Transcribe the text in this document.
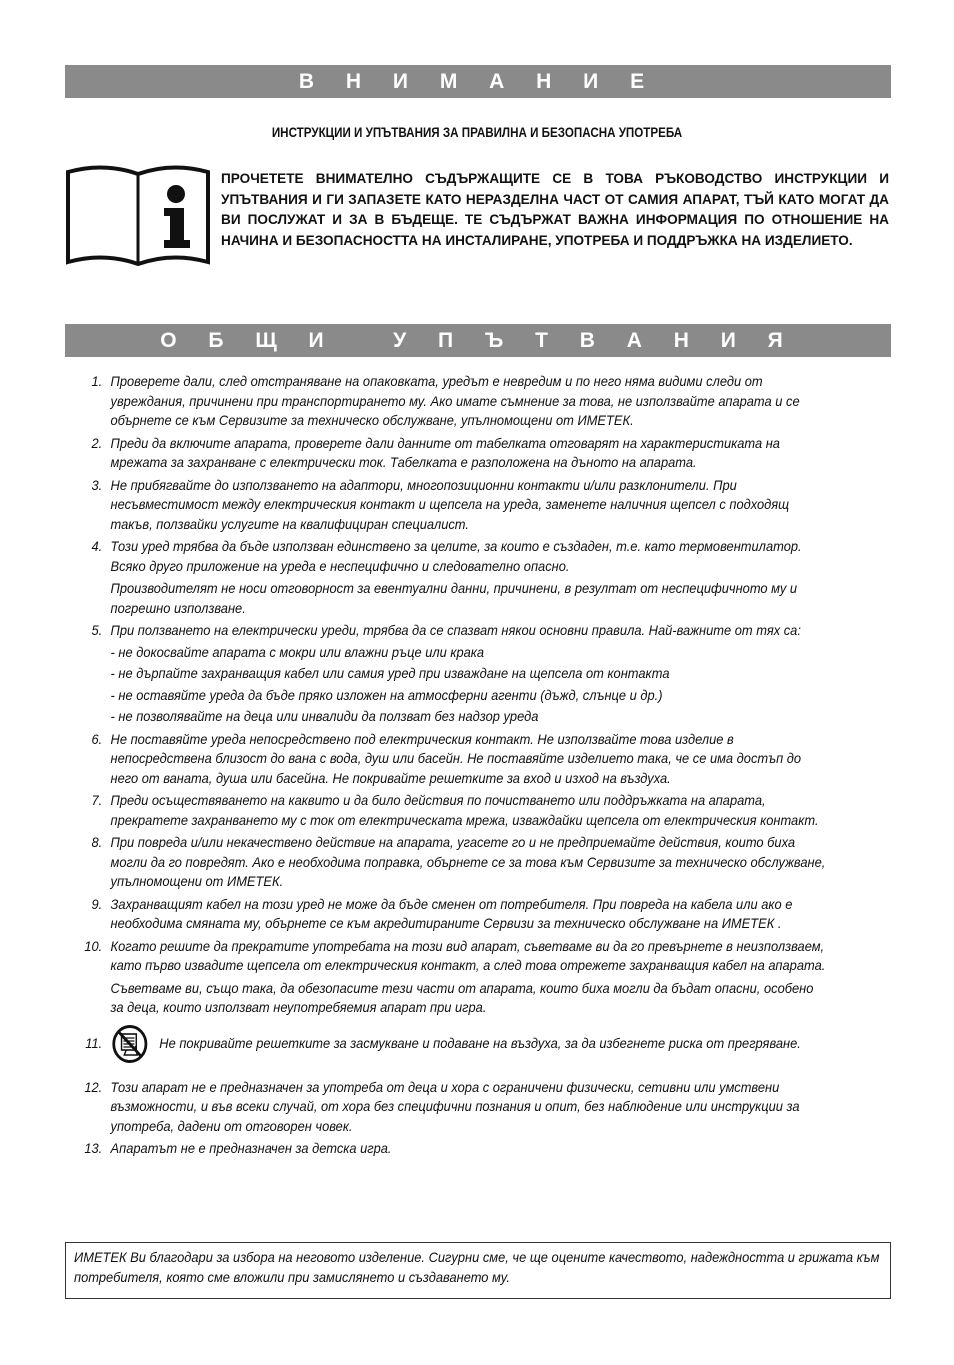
В Н И М А Н И Е
ИНСТРУКЦИИ И УПЪТВАНИЯ ЗА ПРАВИЛНА И БЕЗОПАСНА УПОТРЕБА
ПРОЧЕТЕТЕ ВНИМАТЕЛНО СЪДЪРЖАЩИТЕ СЕ В ТОВА РЪКОВОДСТВО ИНСТРУКЦИИ И УПЪТВАНИЯ И ГИ ЗАПАЗЕТЕ КАТО НЕРАЗДЕЛНА ЧАСТ ОТ САМИЯ АПАРАТ, ТЪЙ КАТО МОГАТ ДА ВИ ПОСЛУЖАТ И ЗА В БЪДЕЩЕ. ТЕ СЪДЪРЖАТ ВАЖНА ИНФОРМАЦИЯ ПО ОТНОШЕНИЕ НА НАЧИНА И БЕЗОПАСНОСТТА НА ИНСТАЛИРАНЕ, УПОТРЕБА И ПОДДРЪЖКА НА ИЗДЕЛИЕТО.
О Б Щ И   У П Ъ Т В А Н И Я
1. Проверете дали, след отстраняване на опаковката, уредът е невредим и по него няма видими следи от увреждания, причинени при транспортирането му. Ако имате съмнение за това, не използвайте апарата и се обърнете се към Сервизите за техническо обслужване, упълномощени от ИМЕТЕК.
2. Преди да включите апарата, проверете дали данните от табелката отговарят на характеристиката на мрежата за захранване с електрически ток. Табелката е разположена на дъното на апарата.
3. Не прибягвайте до използването на адаптори, многопозиционни контакти и/или разклонители. При несъвместимост между електрическия контакт и щепсела на уреда, заменете наличния щепсел с подходящ такъв, ползвайки услугите на квалифициран специалист.
4. Този уред трябва да бъде използван единствено за целите, за които е създаден, т.е. като термовентилатор. Всяко друго приложение на уреда е неспецифично и следователно опасно.
Производителят не носи отговорност за евентуални данни, причинени, в резултат от неспецифичното му и погрешно използване.
5. При ползването на електрически уреди, трябва да се спазват някои основни правила. Най-важните от тях са:
- не докосвайте апарата с мокри или влажни ръце или крака
- не дърпайте захранващия кабел или самия уред при изваждане на щепсела от контакта
- не оставяйте уреда да бъде пряко изложен на атмосферни агенти (дъжд, слънце и др.)
- не позволявайте на деца или инвалиди да ползват без надзор уреда
6. Не поставяйте уреда непосредствено под електрическия контакт. Не използвайте това изделие в непосредствена близост до вана с вода, душ или басейн. Не поставяйте изделието така, че се има достъп до него от ваната, душа или басейна. Не покривайте решетките за вход и изход на въздуха.
7. Преди осъществяването на каквито и да било действия по почистването или поддръжката на апарата, прекратете захранването му с ток от електрическата мрежа, изваждайки щепсела от електрическия контакт.
8. При повреда и/или некачествено действие на апарата, угасете го и не предприемайте действия, които биха могли да го повредят. Ако е необходима поправка, обърнете се за това към Сервизите за техническо обслужване, упълномощени от ИМЕТЕК.
9. Захранващият кабел на този уред не може да бъде сменен от потребителя. При повреда на кабела или ако е необходима смяната му, обърнете се към акредитираните Сервизи за техническо обслужване на ИМЕТЕК .
10. Когато решите да прекратите употребата на този вид апарат, съветваме ви да го превърнете в неизползваем, като първо извадите щепсела от електрическия контакт, а след това отрежете захранващия кабел на апарата.
Съветваме ви, също така, да обезопасите тези части от апарата, които биха могли да бъдат опасни, особено за деца, които използват неупотребяемия апарат при игра.
11.	Не покривайте решетките за засмукване и подаване на въздуха, за да избегнете риска от прегряване.
12. Този апарат не е предназначен за употреба от деца и хора с ограничени физически, сетивни или умствени възможности, и във всеки случай, от хора без специфични познания и опит, без наблюдение или инструкции за употреба, дадени от отговорен човек.
13. Апаратът не е предназначен за детска игра.
ИМЕТЕК Ви благодари за избора на неговото изделение. Сигурни сме, че ще оцените качеството, надеждността и грижата към потребителя, която сме вложили при замислянето и създаването му.
